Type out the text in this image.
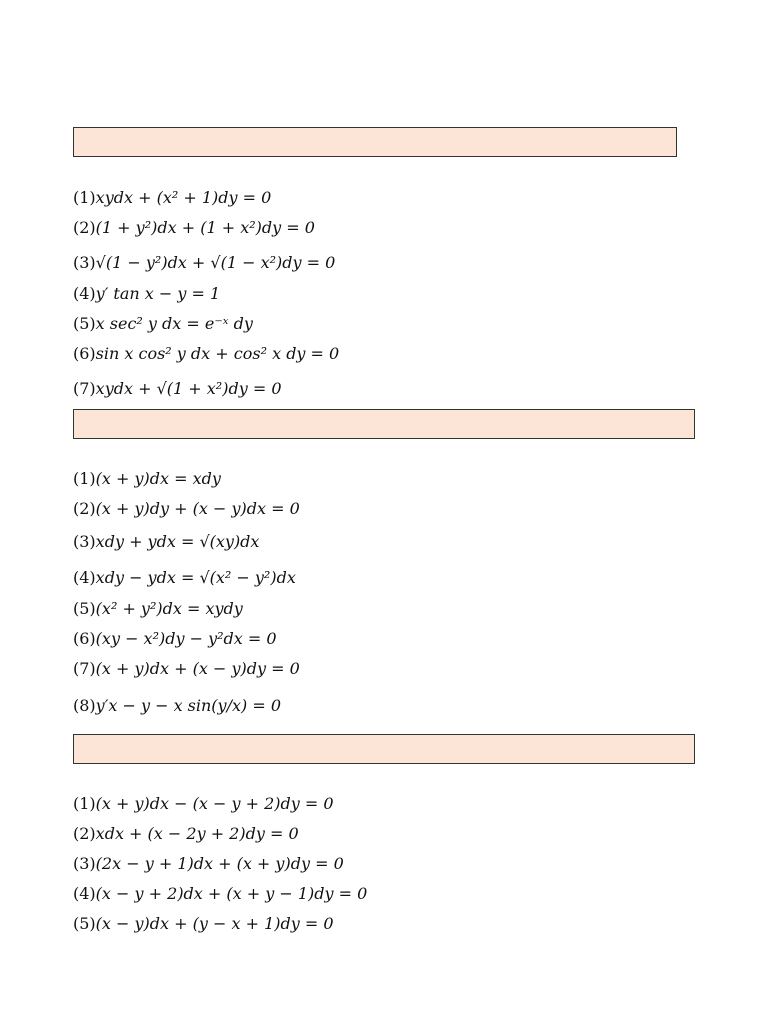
(1)xydx + (x² + 1)dy = 0
(2)(1 + y²)dx + (1 + x²)dy = 0
(3)√(1 − y²)dx + √(1 − x²)dy = 0
(4)y′ tan x − y = 1
(5)x sec² y dx = e⁻ˣ dy
(6)sin x cos² y dx + cos² x dy = 0
(7)xydx + √(1 + x²)dy = 0
(1)(x + y)dx = xdy
(2)(x + y)dy + (x − y)dx = 0
(3)xdy + ydx = √(xy)dx
(4)xdy − ydx = √(x² − y²)dx
(5)(x² + y²)dx = xydy
(6)(xy − x²)dy − y²dx = 0
(7)(x + y)dx + (x − y)dy = 0
(8)y′x − y − x sin(y/x) = 0
(1)(x + y)dx − (x − y + 2)dy = 0
(2)xdx + (x − 2y + 2)dy = 0
(3)(2x − y + 1)dx + (x + y)dy = 0
(4)(x − y + 2)dx + (x + y − 1)dy = 0
(5)(x − y)dx + (y − x + 1)dy = 0
